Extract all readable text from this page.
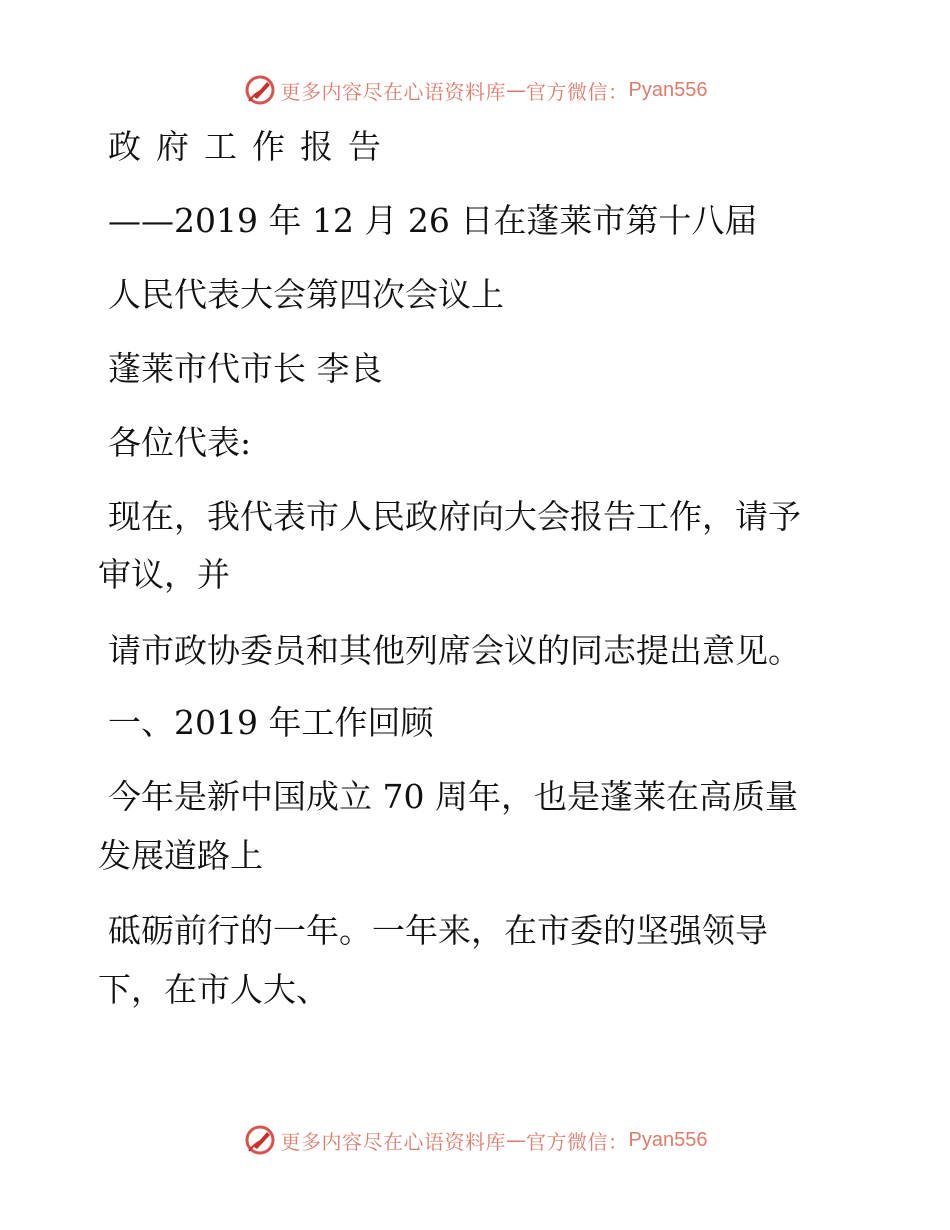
更多内容尽在心语资料库 — 官方微信： Pyan556
政府工作报告
——2019 年 12 月 26 日在蓬莱市第十八届
人民代表大会第四次会议上
蓬莱市代市长 李良
各位代表:
现在，我代表市人民政府向大会报告工作，请予
审议，并
请市政协委员和其他列席会议的同志提出意见。
一、2019 年工作回顾
今年是新中国成立 70 周年，也是蓬莱在高质量
发展道路上
砥砺前行的一年。一年来，在市委的坚强领导
下，在市人大、
更多内容尽在心语资料库 — 官方微信： Pyan556
